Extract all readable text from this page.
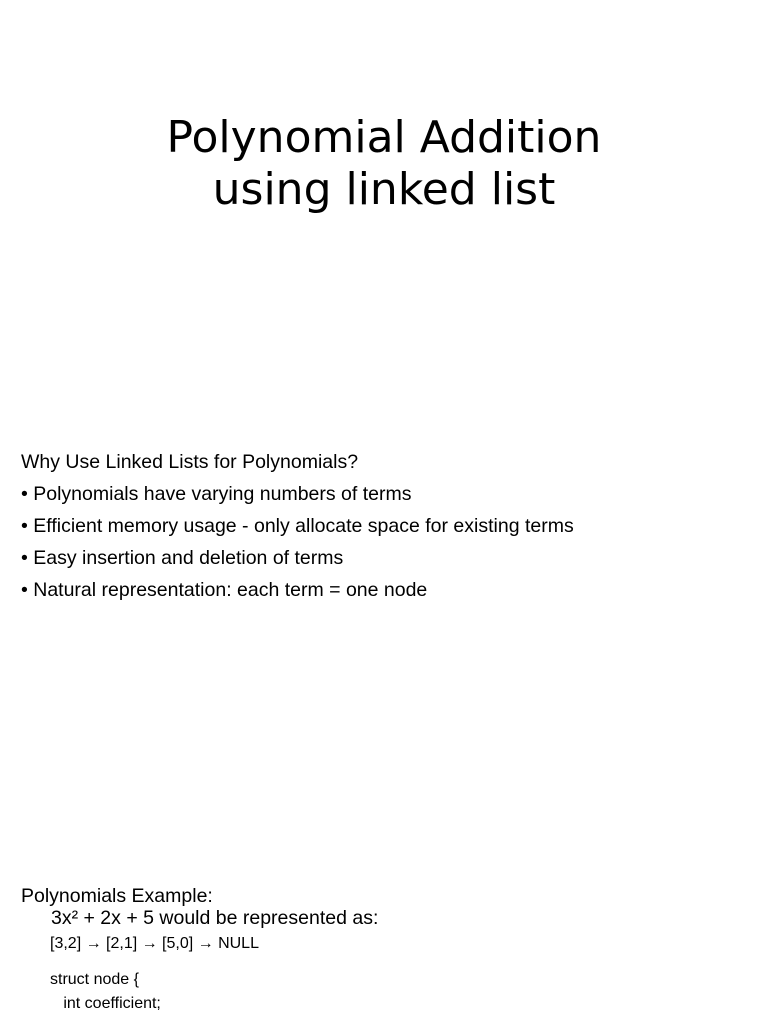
Polynomial Addition
using linked list
Why Use Linked Lists for Polynomials?
• Polynomials have varying numbers of terms
• Efficient memory usage - only allocate space for existing terms
• Easy insertion and deletion of terms
• Natural representation: each term = one node
Polynomials Example:
3x² + 2x + 5 would be represented as:
[3,2] → [2,1] → [5,0] → NULL
struct node {
int coefficient;
